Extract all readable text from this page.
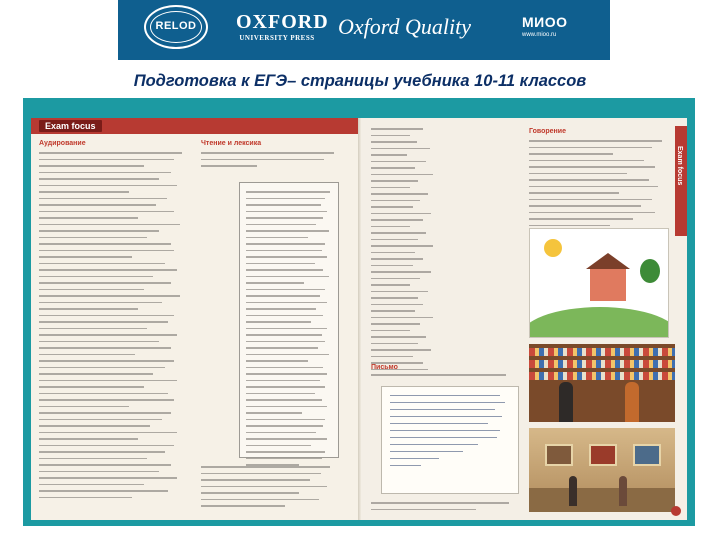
RELOD	OXFORD
UNIVERSITY PRESS Oxford Quality	МИОО
www.mioo.ru
Подготовка к ЕГЭ– страницы учебника 10-11 классов
Exam focus
Аудирование	Чтение и лексика
Exam focus
Говорение
Письмо
